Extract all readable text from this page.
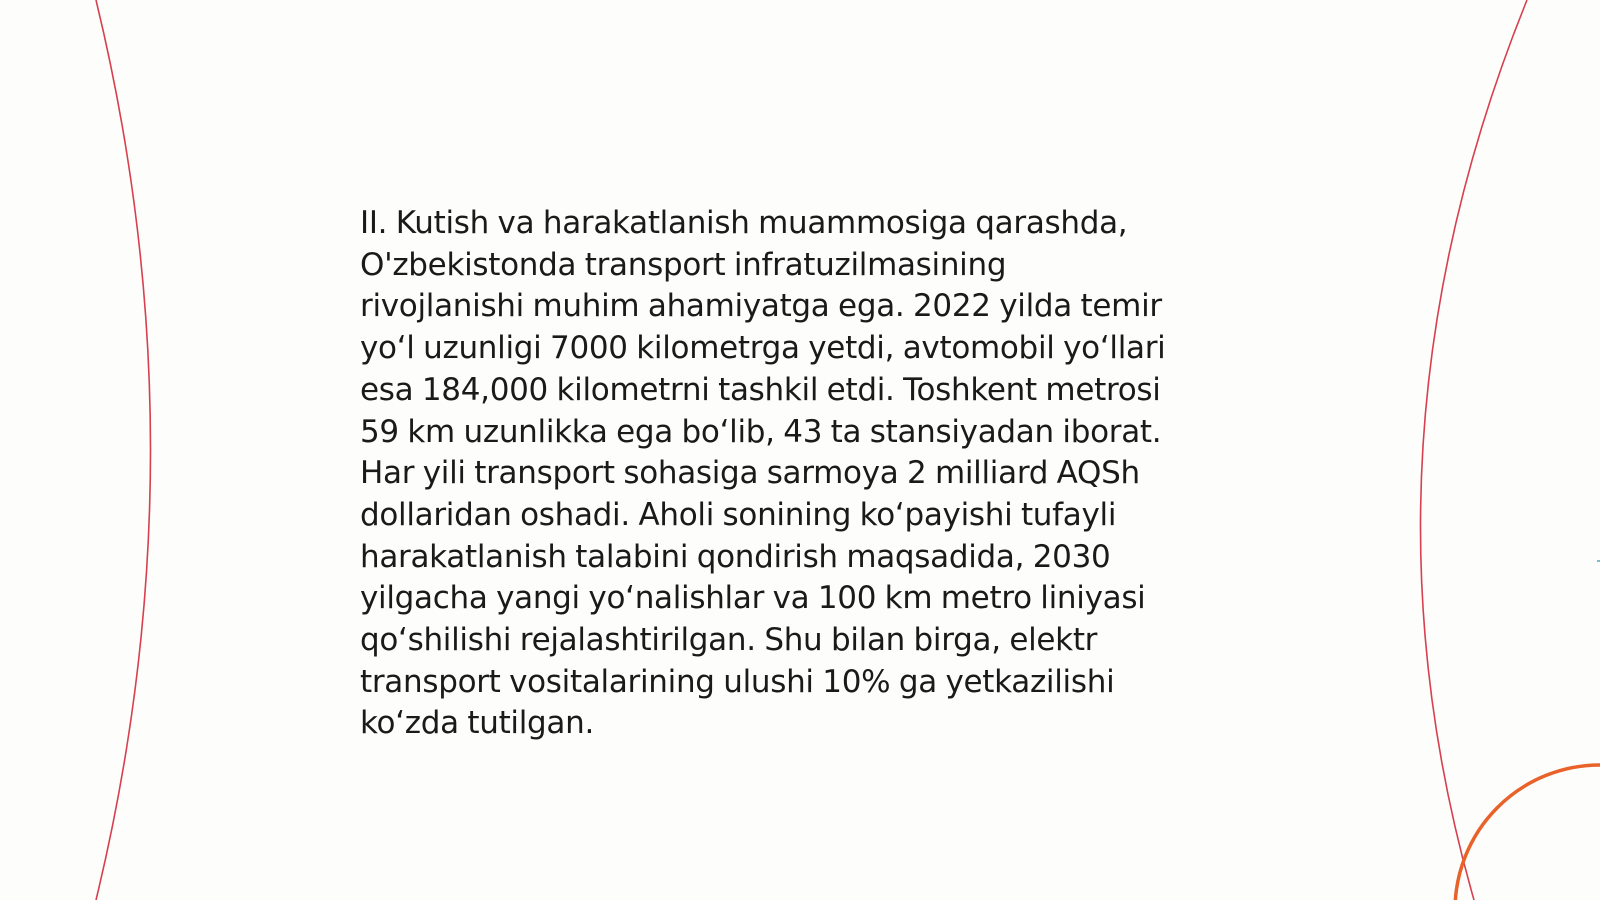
II. Kutish va harakatlanish muammosiga qarashda,
O'zbekistonda transport infratuzilmasining
rivojlanishi muhim ahamiyatga ega. 2022 yilda temir
yo‘l uzunligi 7000 kilometrga yetdi, avtomobil yo‘llari
esa 184,000 kilometrni tashkil etdi. Toshkent metrosi
59 km uzunlikka ega bo‘lib, 43 ta stansiyadan iborat.
Har yili transport sohasiga sarmoya 2 milliard AQSh
dollaridan oshadi. Aholi sonining ko‘payishi tufayli
harakatlanish talabini qondirish maqsadida, 2030
yilgacha yangi yo‘nalishlar va 100 km metro liniyasi
qo‘shilishi rejalashtirilgan. Shu bilan birga, elektr
transport vositalarining ulushi 10% ga yetkazilishi
ko‘zda tutilgan.
